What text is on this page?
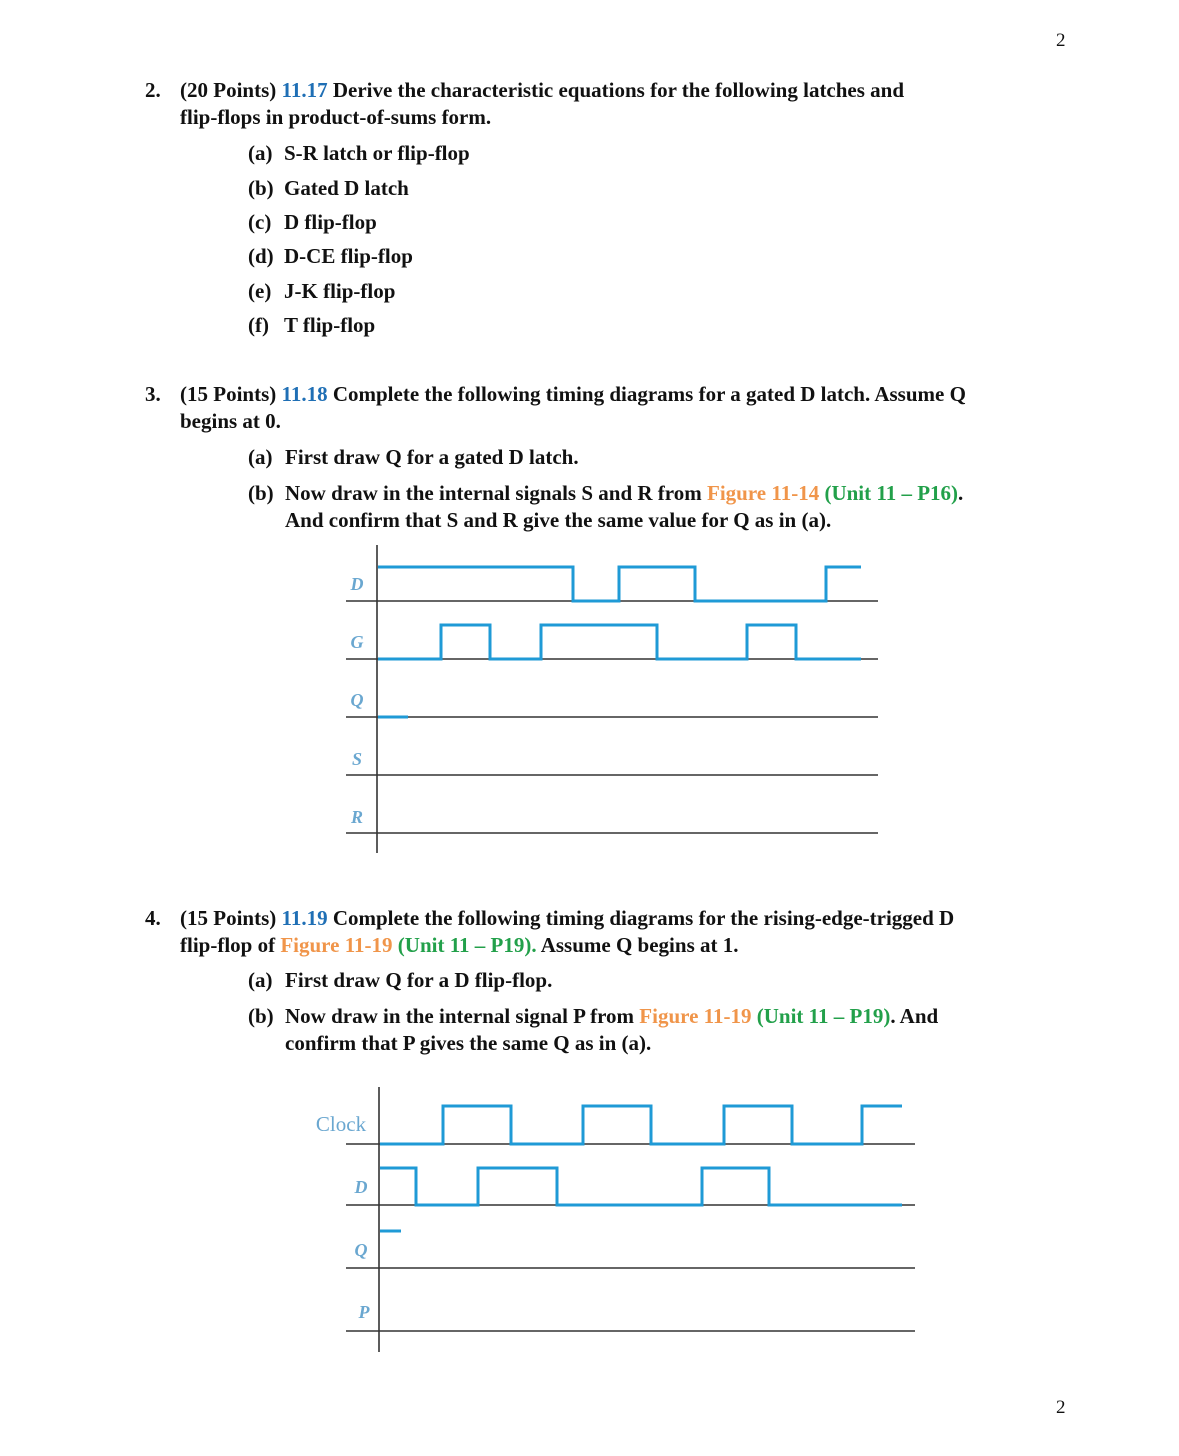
2
2. (20 Points) 11.17 Derive the characteristic equations for the following latches and
flip-flops in product-of-sums form.
(a) S-R latch or flip-flop
(b) Gated D latch
(c) D flip-flop
(d) D-CE flip-flop
(e) J-K flip-flop
(f) T flip-flop
3. (15 Points) 11.18 Complete the following timing diagrams for a gated D latch. Assume Q
begins at 0.
(a) First draw Q for a gated D latch.
(b) Now draw in the internal signals S and R from Figure 11-14 (Unit 11 – P16).
And confirm that S and R give the same value for Q as in (a).
D
G
Q
S
R
4. (15 Points) 11.19 Complete the following timing diagrams for the rising-edge-trigged D
flip-flop of Figure 11-19 (Unit 11 – P19). Assume Q begins at 1.
(a) First draw Q for a D flip-flop.
(b) Now draw in the internal signal P from Figure 11-19 (Unit 11 – P19). And
confirm that P gives the same Q as in (a).
Clock
D
Q
P
2
